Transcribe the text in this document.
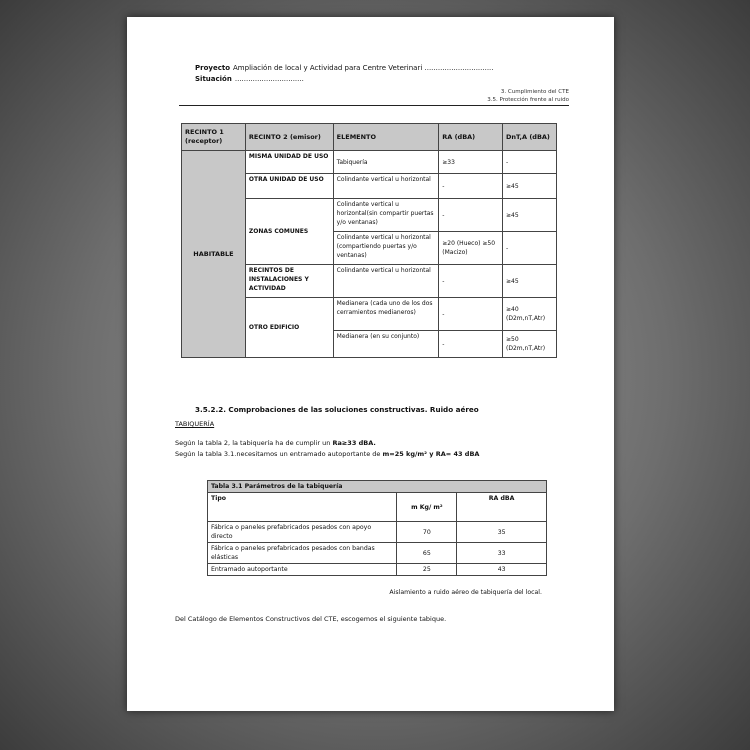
Proyecto Ampliación de local y Actividad para Centre Veterinari ...............................
Situación ...............................
3. Cumplimiento del CTE
3.5. Protección frente al ruido
RECINTO 1 (receptor)	RECINTO 2 (emisor)	ELEMENTO	RA (dBA)	DnT,A (dBA)
HABITABLE	MISMA UNIDAD DE USO	Tabiquería	≥33	-
	OTRA UNIDAD DE USO	Colindante vertical u horizontal	-	≥45
	ZONAS COMUNES	Colindante vertical u horizontal(sin compartir puertas y/o ventanas)	-	≥45
		Colindante vertical u horizontal (compartiendo puertas y/o ventanas)	≥20 (Hueco) ≥50 (Macizo)	-
	RECINTOS DE INSTALACIONES Y ACTIVIDAD	Colindante vertical u horizontal	-	≥45
	OTRO EDIFICIO	Medianera (cada uno de los dos cerramientos medianeros)	-	≥40 (D2m,nT,Atr)
		Medianera (en su conjunto)	-	≥50 (D2m,nT,Atr)
3.5.2.2. Comprobaciones de las soluciones constructivas. Ruido aéreo
TABIQUERÍA
Según la tabla 2, la tabiquería ha de cumplir un Ra≥33 dBA.
Según la tabla 3.1.necesitamos un entramado autoportante de m=25 kg/m² y RA= 43 dBA
Tabla 3.1 Parámetros de la tabiquería		
Tipo	m Kg/ m²	RA dBA
Fábrica o paneles prefabricados pesados con apoyo directo	70	35
Fábrica o paneles prefabricados pesados con bandas elásticas	65	33
Entramado autoportante	25	43
Aislamiento a ruido aéreo de tabiquería del local.
Del Catálogo de Elementos Constructivos del CTE, escogemos el siguiente tabique.
